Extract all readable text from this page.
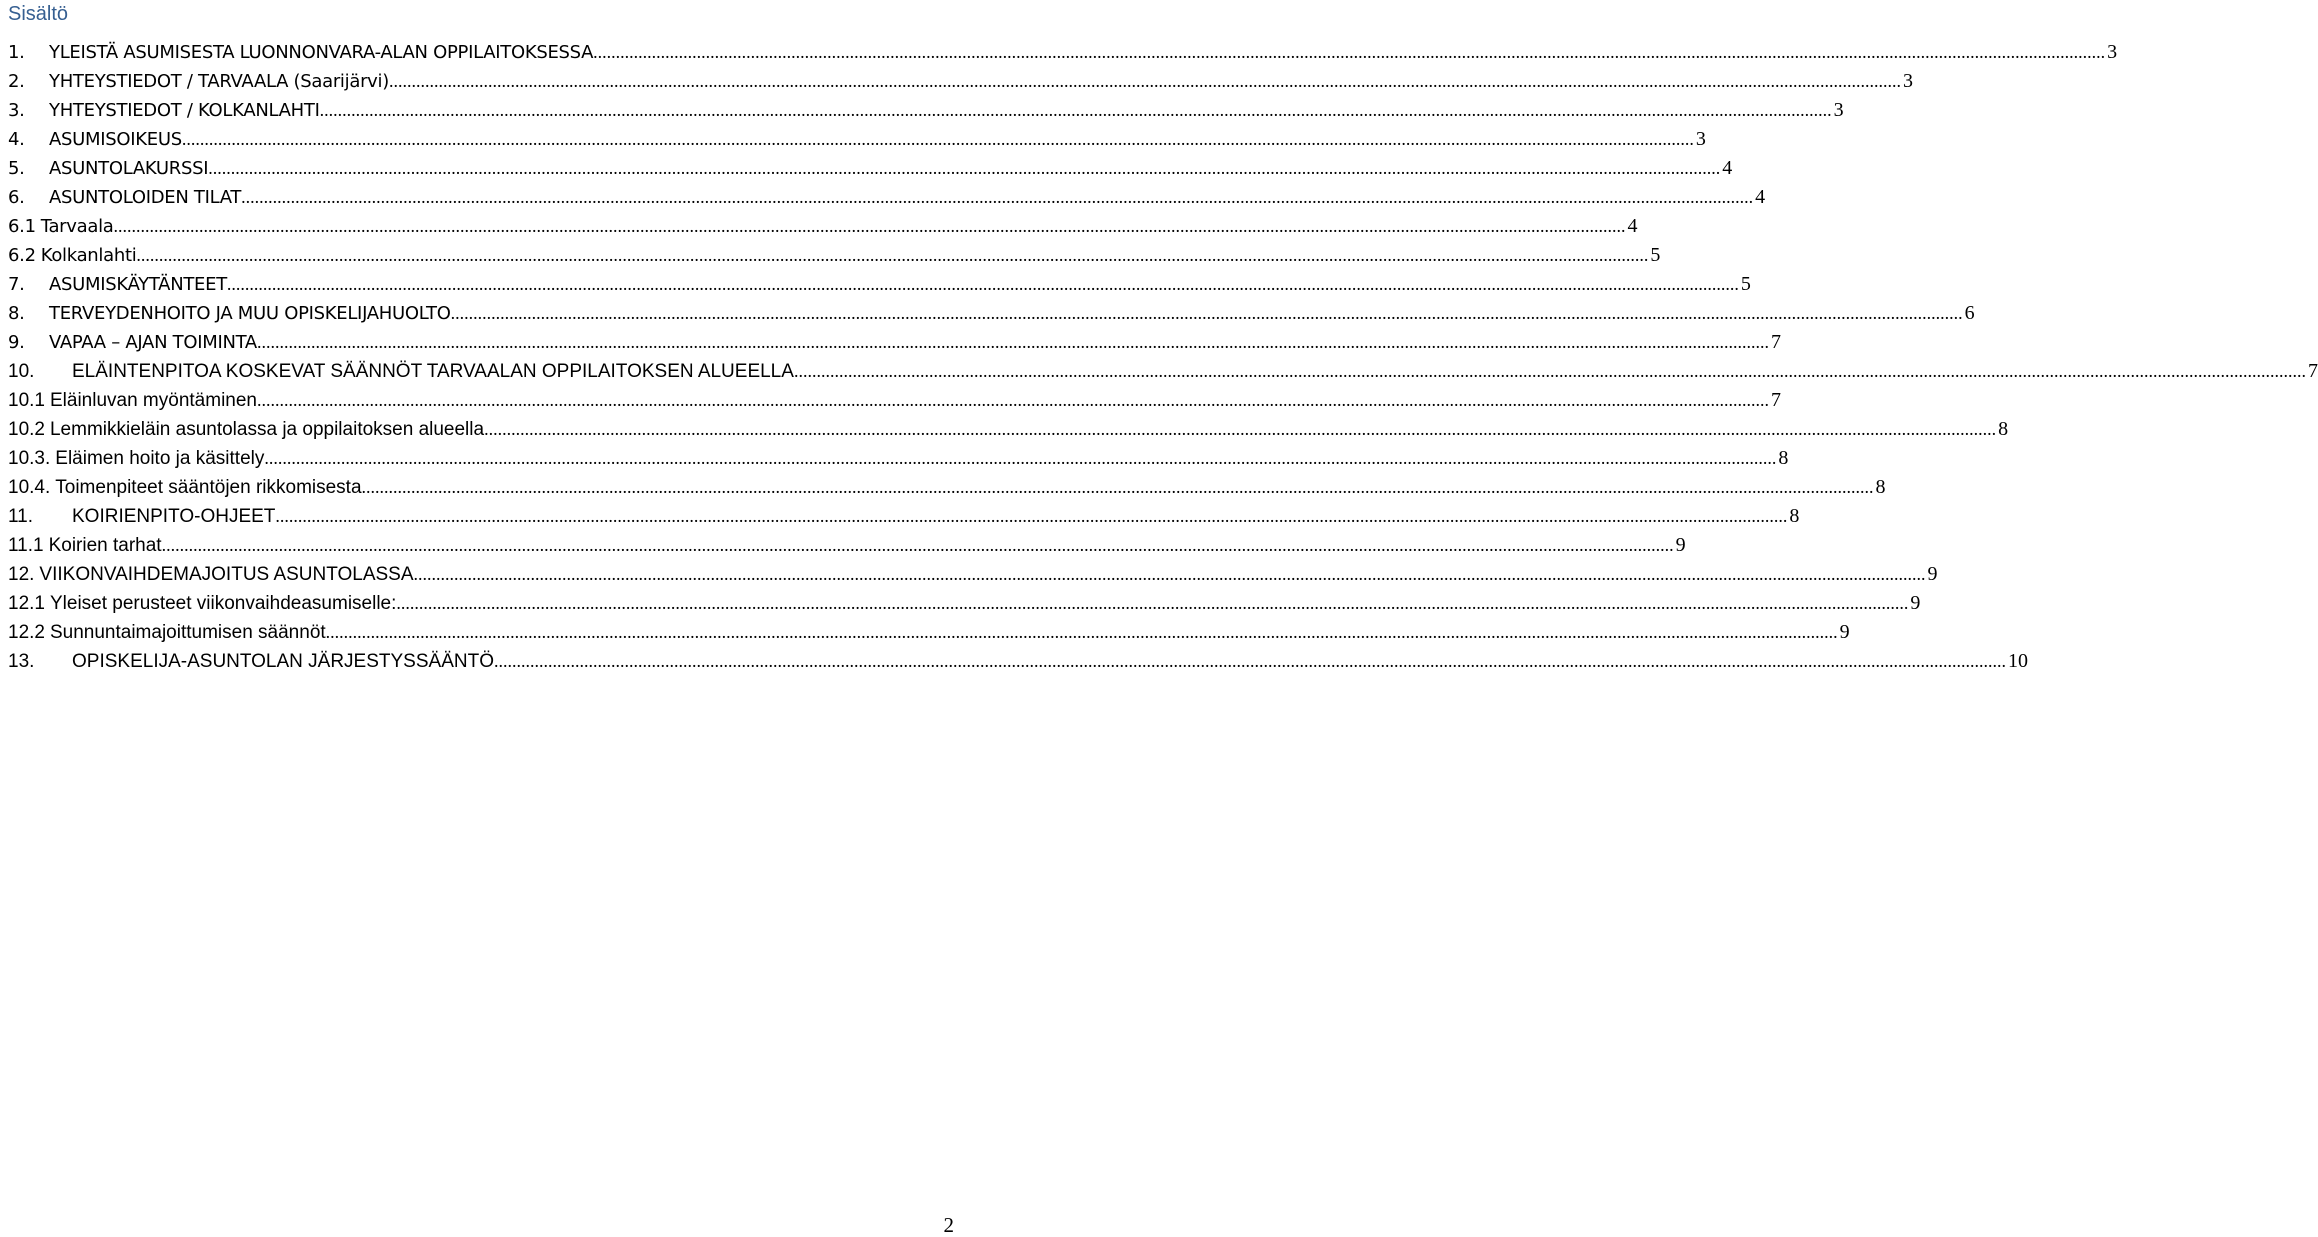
Sisältö
1.	YLEISTÄ ASUMISESTA LUONNONVARA-ALAN OPPILAITOKSESSA .....	3
2.	YHTEYSTIEDOT / TARVAALA (Saarijärvi) .....	3
3.	YHTEYSTIEDOT / KOLKANLAHTI .....	3
4.	ASUMISOIKEUS .....	3
5.	ASUNTOLAKURSSI .....	4
6.	ASUNTOLOIDEN TILAT .....	4
6.1 Tarvaala .....	4
6.2 Kolkanlahti .....	5
7.	ASUMISKÄYTÄNTEET .....	5
8.	TERVEYDENHOITO JA MUU OPISKELIJAHUOLTO .....	6
9.	VAPAA – AJAN TOIMINTA .....	7
10.	ELÄINTENPITOA KOSKEVAT SÄÄNNÖT TARVAALAN OPPILAITOKSEN ALUEELLA .....	7
10.1 Eläinluvan myöntäminen .....	7
10.2 Lemmikkieläin asuntolassa ja oppilaitoksen alueella .....	8
10.3. Eläimen hoito ja käsittely .....	8
10.4. Toimenpiteet sääntöjen rikkomisesta .....	8
11.	KOIRIENPITO-OHJEET .....	8
11.1 Koirien tarhat .....	9
12. VIIKONVAIHDEMAJOITUS ASUNTOLASSA .....	9
12.1 Yleiset perusteet viikonvaihdeasumiselle: .....	9
12.2 Sunnuntaimajoittumisen säännöt .....	9
13.	OPISKELIJA-ASUNTOLAN JÄRJESTYSSÄÄNTÖ .....	10
2
